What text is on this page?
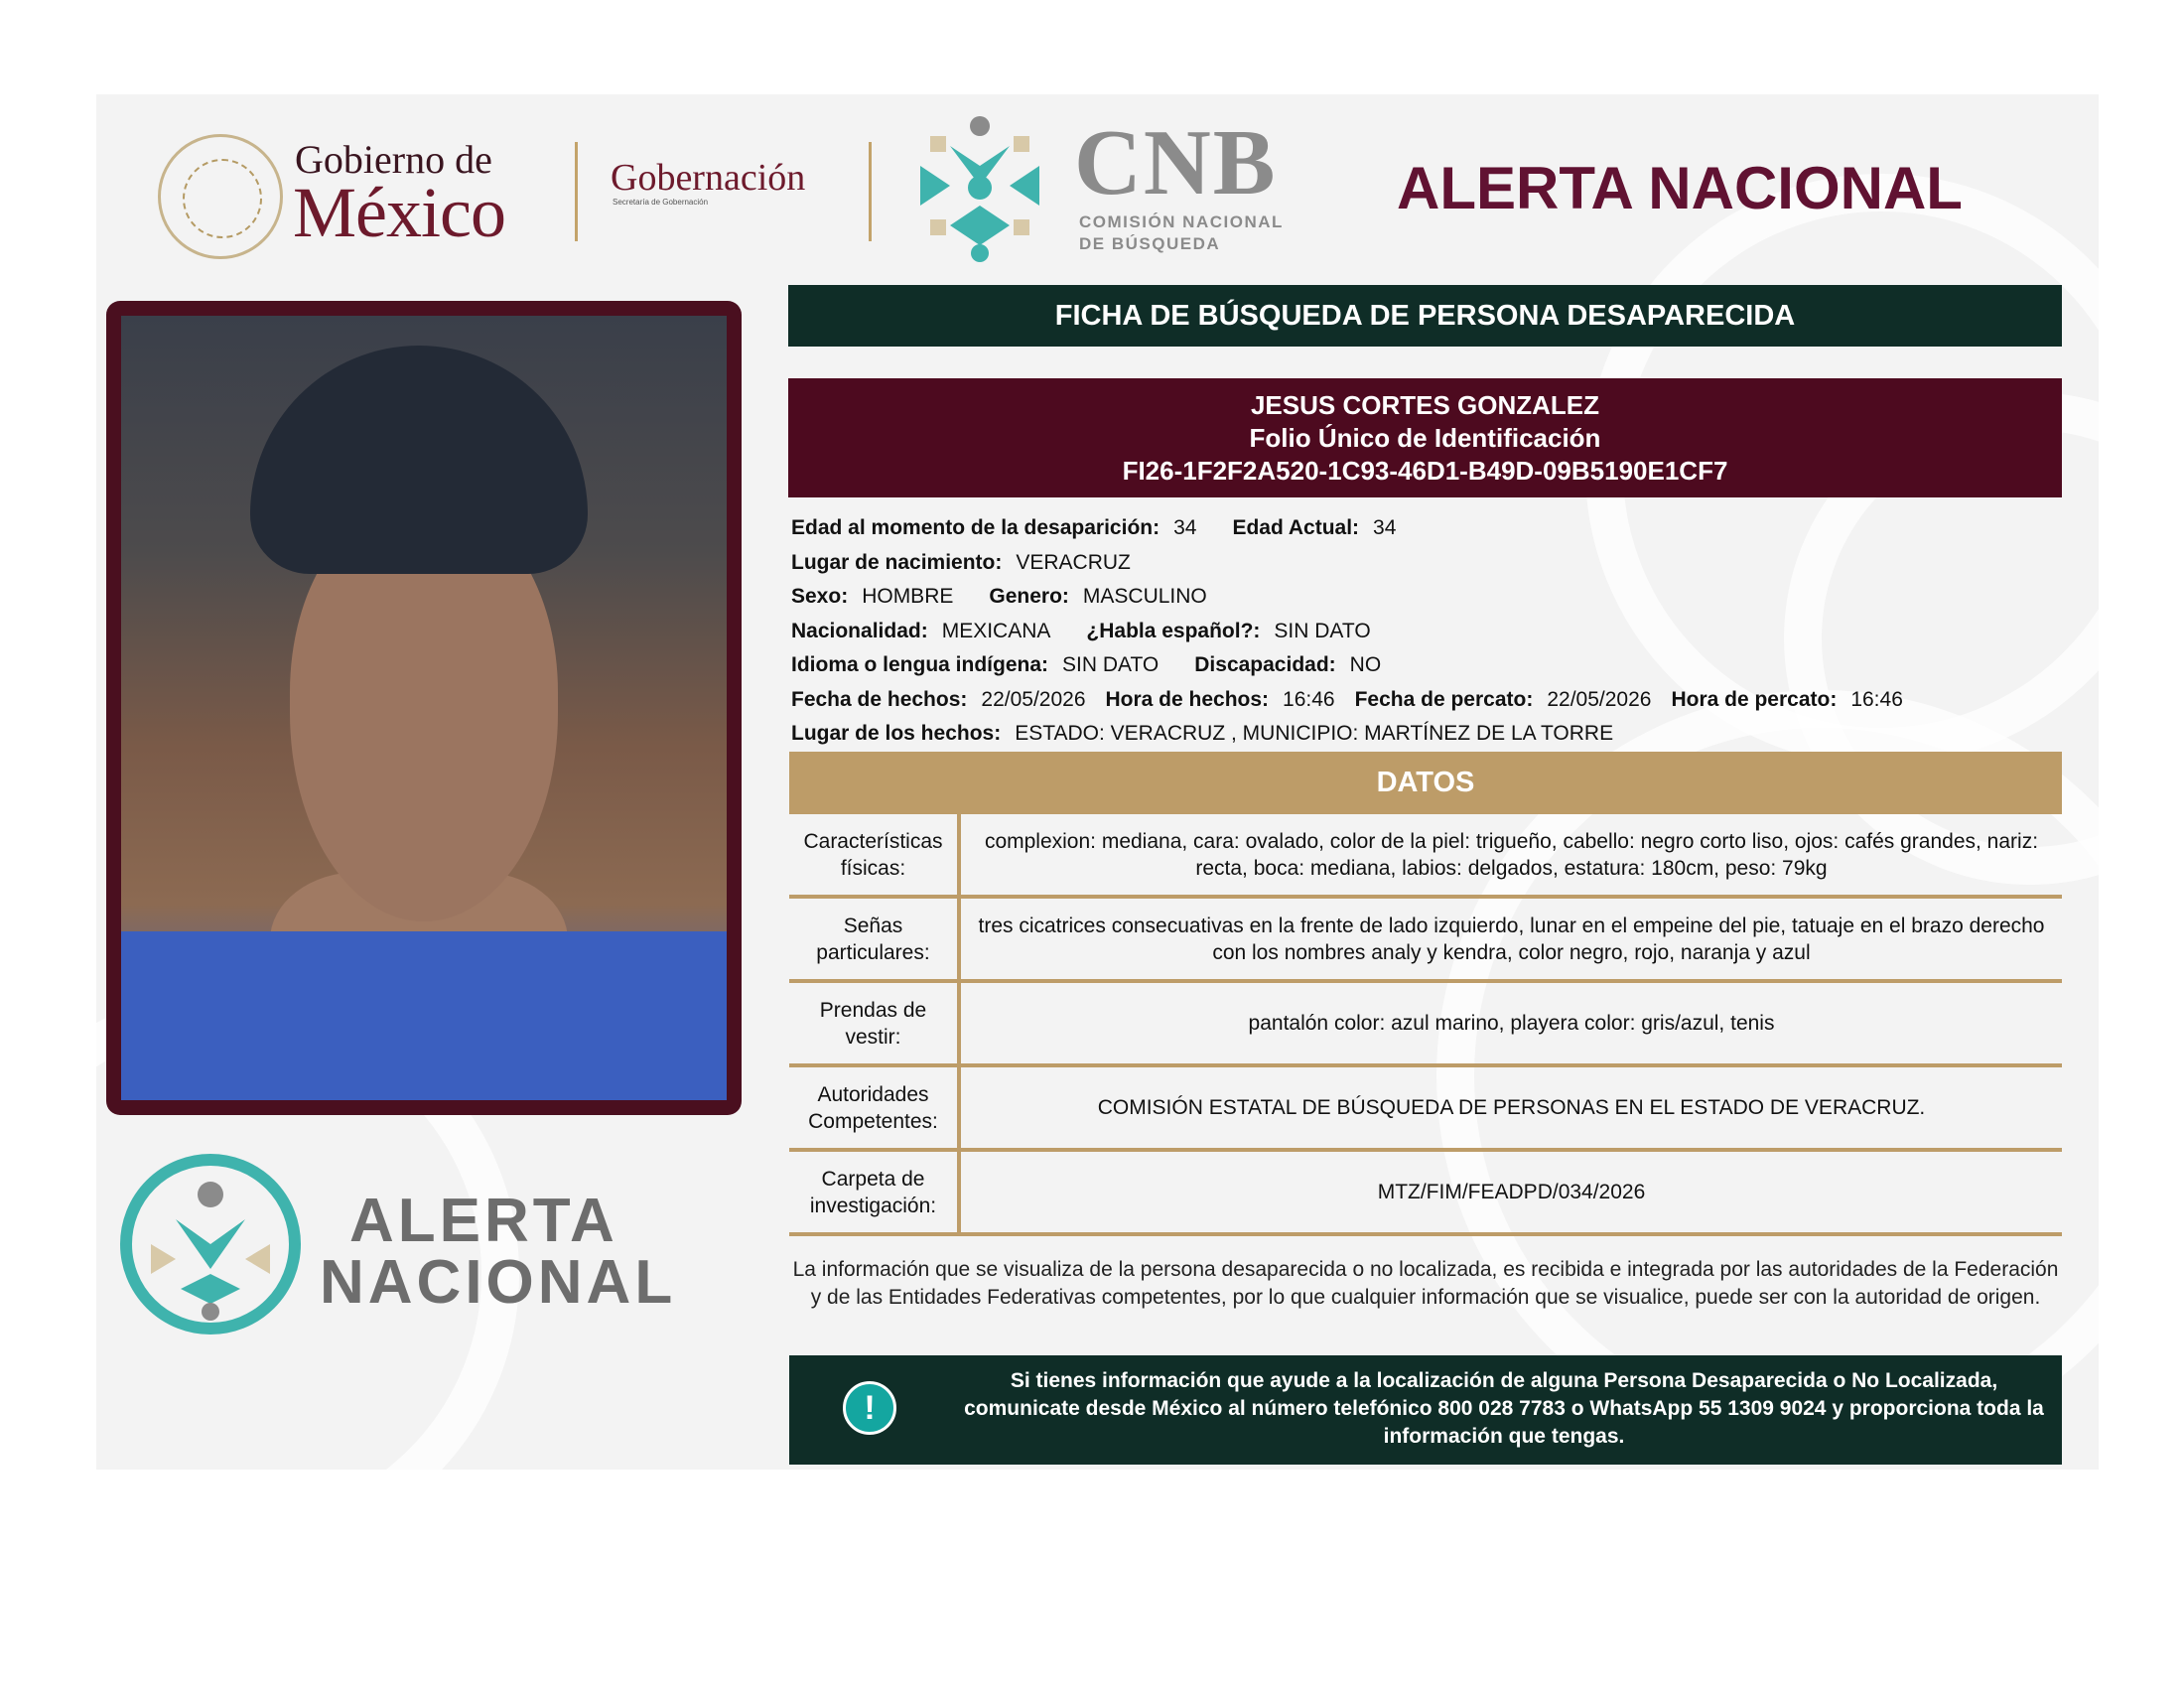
Gobierno de
México	Gobernación
Secretaría de Gobernación	CNB
COMISIÓN NACIONAL
DE BÚSQUEDA
ALERTA NACIONAL
ALERTA
NACIONAL
FICHA DE BÚSQUEDA DE PERSONA DESAPARECIDA
JESUS CORTES GONZALEZ
Folio Único de Identificación
FI26-1F2F2A520-1C93-46D1-B49D-09B5190E1CF7
Edad al momento de la desaparición: 34 Edad Actual: 34
Lugar de nacimiento: VERACRUZ
Sexo: HOMBRE Genero: MASCULINO
Nacionalidad: MEXICANA ¿Habla español?: SIN DATO
Idioma o lengua indígena: SIN DATO Discapacidad: NO
Fecha de hechos: 22/05/2026 Hora de hechos: 16:46 Fecha de percato: 22/05/2026 Hora de percato: 16:46
Lugar de los hechos: ESTADO: VERACRUZ , MUNICIPIO: MARTÍNEZ DE LA TORRE
DATOS
Características físicas:
complexion: mediana, cara: ovalado, color de la piel: trigueño, cabello: negro corto liso, ojos: cafés grandes, nariz: recta, boca: mediana, labios: delgados, estatura: 180cm, peso: 79kg
Señas particulares:
tres cicatrices consecuativas en la frente de lado izquierdo, lunar en el empeine del pie, tatuaje en el brazo derecho con los nombres analy y kendra, color negro, rojo, naranja y azul
Prendas de vestir:
pantalón color: azul marino, playera color: gris/azul, tenis
Autoridades Competentes:
COMISIÓN ESTATAL DE BÚSQUEDA DE PERSONAS EN EL ESTADO DE VERACRUZ.
Carpeta de investigación:
MTZ/FIM/FEADPD/034/2026
La información que se visualiza de la persona desaparecida o no localizada, es recibida e integrada por las autoridades de la Federación y de las Entidades Federativas competentes, por lo que cualquier información que se visualice, puede ser con la autoridad de origen.
!
Si tienes información que ayude a la localización de alguna Persona Desaparecida o No Localizada, comunicate desde México al número telefónico 800 028 7783 o WhatsApp 55 1309 9024 y proporciona toda la información que tengas.
